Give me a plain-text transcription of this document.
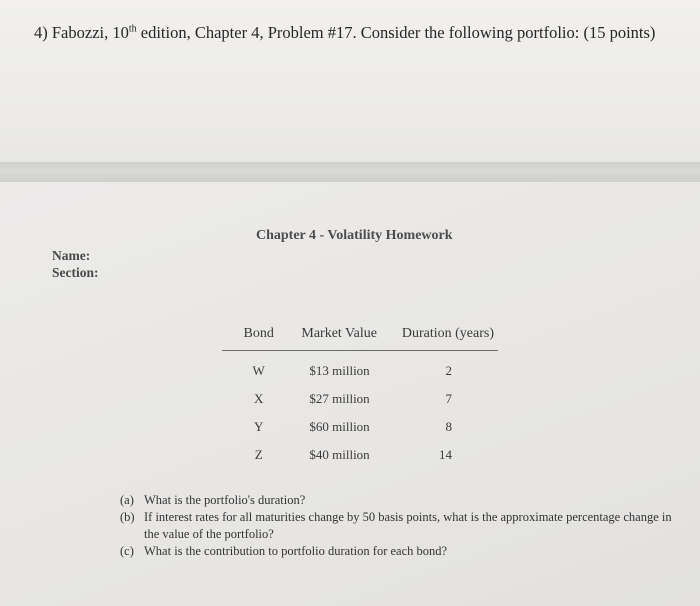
4) Fabozzi, 10th edition, Chapter 4, Problem #17. Consider the following portfolio: (15 points)
Chapter 4 - Volatility Homework
Name:
Section:
Bond	Market Value	Duration (years)
W	$13 million	2
X	$27 million	7
Y	$60 million	8
Z	$40 million	14
(a) What is the portfolio's duration?
(b) If interest rates for all maturities change by 50 basis points, what is the approximate percentage change in the value of the portfolio?
(c) What is the contribution to portfolio duration for each bond?
